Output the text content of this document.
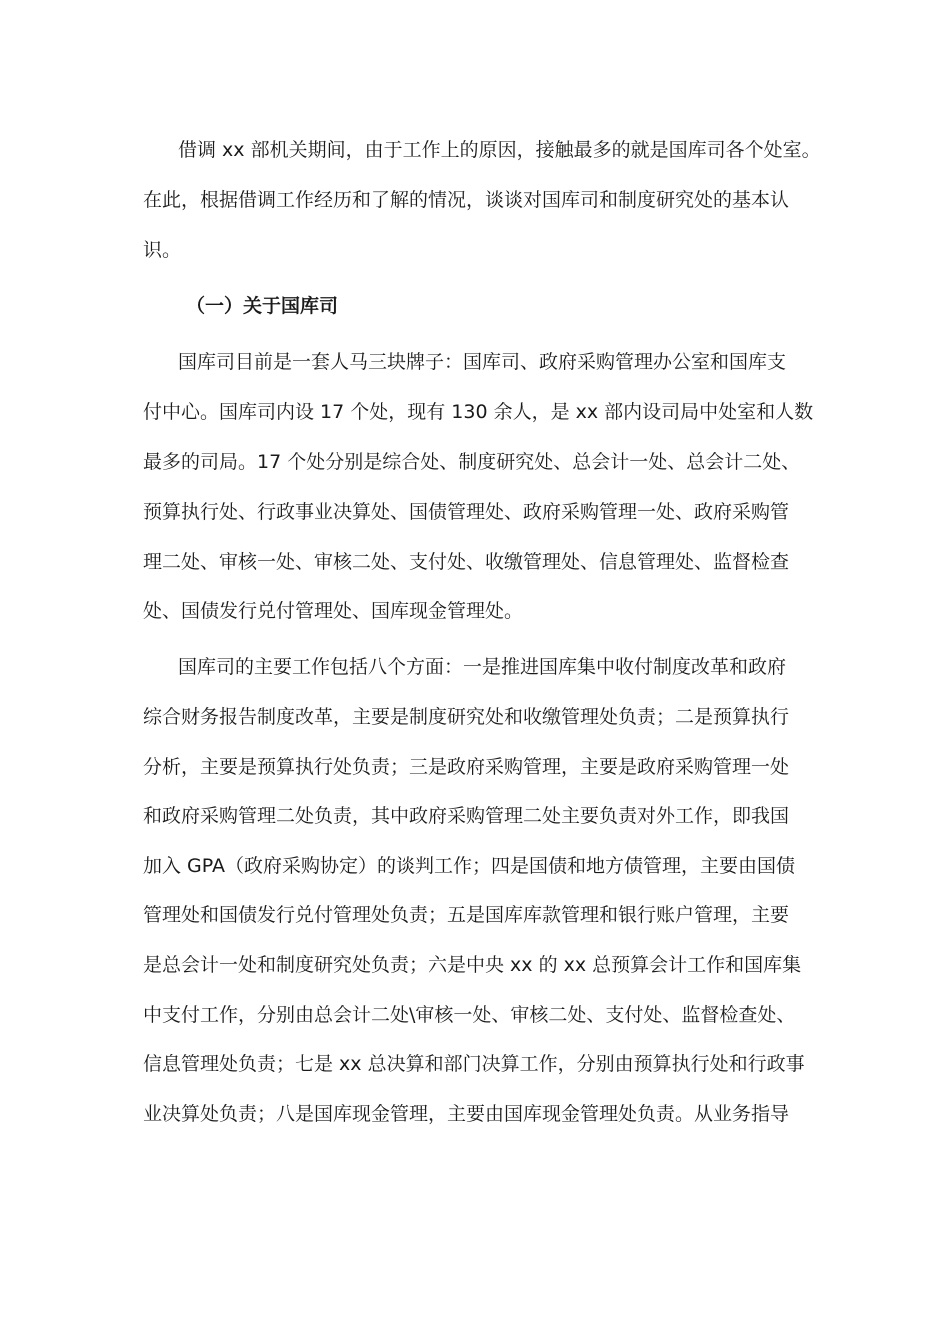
借调 xx 部机关期间，由于工作上的原因，接触最多的就是国库司各个处室。
在此，根据借调工作经历和了解的情况，谈谈对国库司和制度研究处的基本认
识。
（一）关于国库司
国库司目前是一套人马三块牌子：国库司、政府采购管理办公室和国库支
付中心。国库司内设 17 个处，现有 130 余人，是 xx 部内设司局中处室和人数
最多的司局。17 个处分别是综合处、制度研究处、总会计一处、总会计二处、
预算执行处、行政事业决算处、国债管理处、政府采购管理一处、政府采购管
理二处、审核一处、审核二处、支付处、收缴管理处、信息管理处、监督检查
处、国债发行兑付管理处、国库现金管理处。
国库司的主要工作包括八个方面：一是推进国库集中收付制度改革和政府
综合财务报告制度改革，主要是制度研究处和收缴管理处负责；二是预算执行
分析，主要是预算执行处负责；三是政府采购管理，主要是政府采购管理一处
和政府采购管理二处负责，其中政府采购管理二处主要负责对外工作，即我国
加入 GPA（政府采购协定）的谈判工作；四是国债和地方债管理，主要由国债
管理处和国债发行兑付管理处负责；五是国库库款管理和银行账户管理，主要
是总会计一处和制度研究处负责；六是中央 xx 的 xx 总预算会计工作和国库集
中支付工作，分别由总会计二处\审核一处、审核二处、支付处、监督检查处、
信息管理处负责；七是 xx 总决算和部门决算工作，分别由预算执行处和行政事
业决算处负责；八是国库现金管理，主要由国库现金管理处负责。从业务指导
